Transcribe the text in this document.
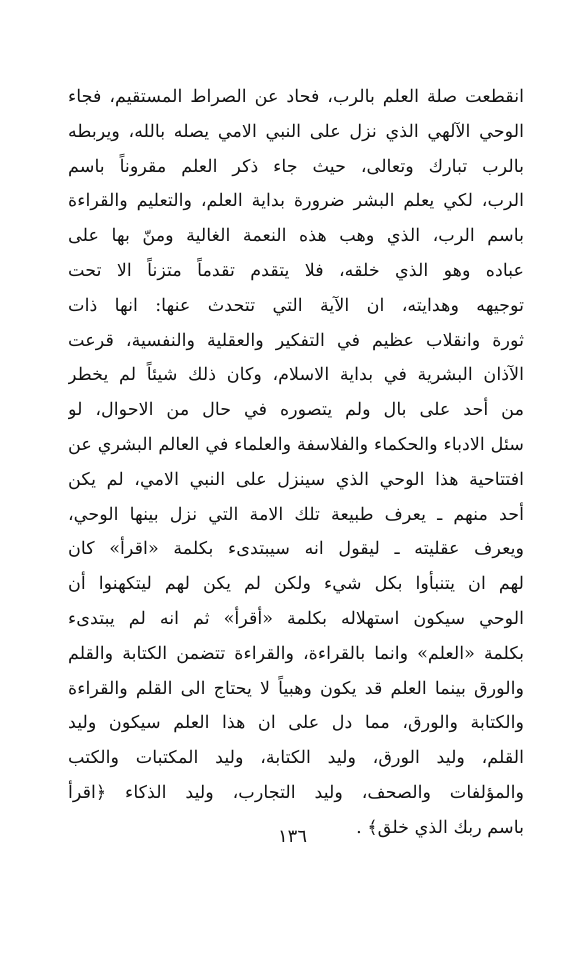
انقطعت صلة العلم بالرب، فحاد عن الصراط المستقيم، فجاء
الوحي الآلهي الذي نزل على النبي الامي يصله بالله، ويربطه
بالرب تبارك وتعالى، حيث جاء ذكر العلم مقروناً باسم
الرب، لكي يعلم البشر ضرورة بداية العلم، والتعليم والقراءة
باسم الرب، الذي وهب هذه النعمة الغالية ومنّ بها على
عباده وهو الذي خلقه، فلا يتقدم تقدماً متزناً الا تحت
توجيهه وهدايته، ان الآية التي تتحدث عنها: انها ذات
ثورة وانقلاب عظيم في التفكير والعقلية والنفسية، قرعت
الآذان البشرية في بداية الاسلام، وكان ذلك شيئاً لم يخطر
من أحد على بال ولم يتصوره في حال من الاحوال، لو
سئل الادباء والحكماء والفلاسفة والعلماء في العالم البشري عن
افتتاحية هذا الوحي الذي سينزل على النبي الامي، لم يكن
أحد منهم ـ يعرف طبيعة تلك الامة التي نزل بينها الوحي،
ويعرف عقليته ـ ليقول انه سيبتدىء بكلمة «اقرأ» كان
لهم ان يتنبأوا بكل شيء ولكن لم يكن لهم ليتكهنوا أن
الوحي سيكون استهلاله بكلمة «أقرأ» ثم انه لم يبتدىء
بكلمة «العلم» وانما بالقراءة، والقراءة تتضمن الكتابة والقلم
والورق بينما العلم قد يكون وهبياً لا يحتاج الى القلم والقراءة
والكتابة والورق، مما دل على ان هذا العلم سيكون وليد
القلم، وليد الورق، وليد الكتابة، وليد المكتبات والكتب
والمؤلفات والصحف، وليد التجارب، وليد الذكاء ﴿اقرأ
باسم ربك الذي خلق﴾ .
١٣٦
